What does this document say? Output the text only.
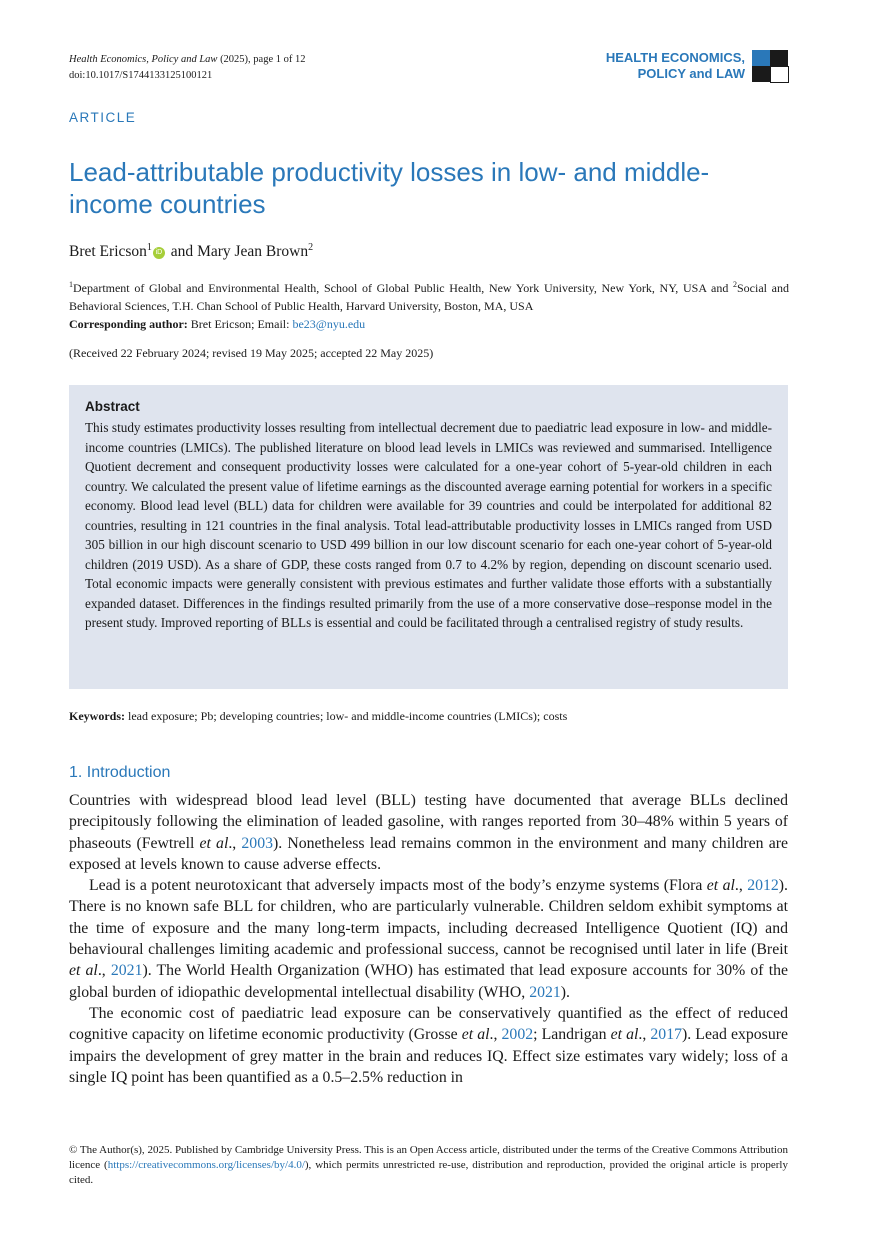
Health Economics, Policy and Law (2025), page 1 of 12
doi:10.1017/S1744133125100121
HEALTH ECONOMICS,
POLICY and LAW
ARTICLE
Lead-attributable productivity losses in low- and middle-income countries
Bret Ericson$^1$ iD and Mary Jean Brown$^2$
$^1$Department of Global and Environmental Health, School of Global Public Health, New York University, New York, NY, USA and $^2$Social and Behavioral Sciences, T.H. Chan School of Public Health, Harvard University, Boston, MA, USA
Corresponding author: Bret Ericson; Email: be23@nyu.edu
(Received 22 February 2024; revised 19 May 2025; accepted 22 May 2025)
Abstract
This study estimates productivity losses resulting from intellectual decrement due to paediatric lead exposure in low- and middle-income countries (LMICs). The published literature on blood lead levels in LMICs was reviewed and summarised. Intelligence Quotient decrement and consequent productivity losses were calculated for a one-year cohort of 5-year-old children in each country. We calculated the present value of lifetime earnings as the discounted average earning potential for workers in a specific economy. Blood lead level (BLL) data for children were available for 39 countries and could be interpolated for additional 82 countries, resulting in 121 countries in the final analysis. Total lead-attributable productivity losses in LMICs ranged from USD 305 billion in our high discount scenario to USD 499 billion in our low discount scenario for each one-year cohort of 5-year-old children (2019 USD). As a share of GDP, these costs ranged from 0.7 to 4.2% by region, depending on discount scenario used. Total economic impacts were generally consistent with previous estimates and further validate those efforts with a substantially expanded dataset. Differences in the findings resulted primarily from the use of a more conservative dose–response model in the present study. Improved reporting of BLLs is essential and could be facilitated through a centralised registry of study results.
Keywords: lead exposure; Pb; developing countries; low- and middle-income countries (LMICs); costs
1. Introduction

Countries with widespread blood lead level (BLL) testing have documented that average BLLs declined precipitously following the elimination of leaded gasoline, with ranges reported from 30–48% within 5 years of phaseouts (Fewtrell et al., 2003). Nonetheless lead remains common in the environment and many children are exposed at levels known to cause adverse effects.

Lead is a potent neurotoxicant that adversely impacts most of the body’s enzyme systems (Flora et al., 2012). There is no known safe BLL for children, who are particularly vulnerable. Children seldom exhibit symptoms at the time of exposure and the many long-term impacts, including decreased Intelligence Quotient (IQ) and behavioural challenges limiting academic and professional success, cannot be recognised until later in life (Breit et al., 2021). The World Health Organization (WHO) has estimated that lead exposure accounts for 30% of the global burden of idiopathic developmental intellectual disability (WHO, 2021).

The economic cost of paediatric lead exposure can be conservatively quantified as the effect of reduced cognitive capacity on lifetime economic productivity (Grosse et al., 2002; Landrigan et al., 2017). Lead exposure impairs the development of grey matter in the brain and reduces IQ. Effect size estimates vary widely; loss of a single IQ point has been quantified as a 0.5–2.5% reduction in

© The Author(s), 2025. Published by Cambridge University Press. This is an Open Access article, distributed under the terms of the Creative Commons Attribution licence (https://creativecommons.org/licenses/by/4.0/), which permits unrestricted re-use, distribution and reproduction, provided the original article is properly cited.
